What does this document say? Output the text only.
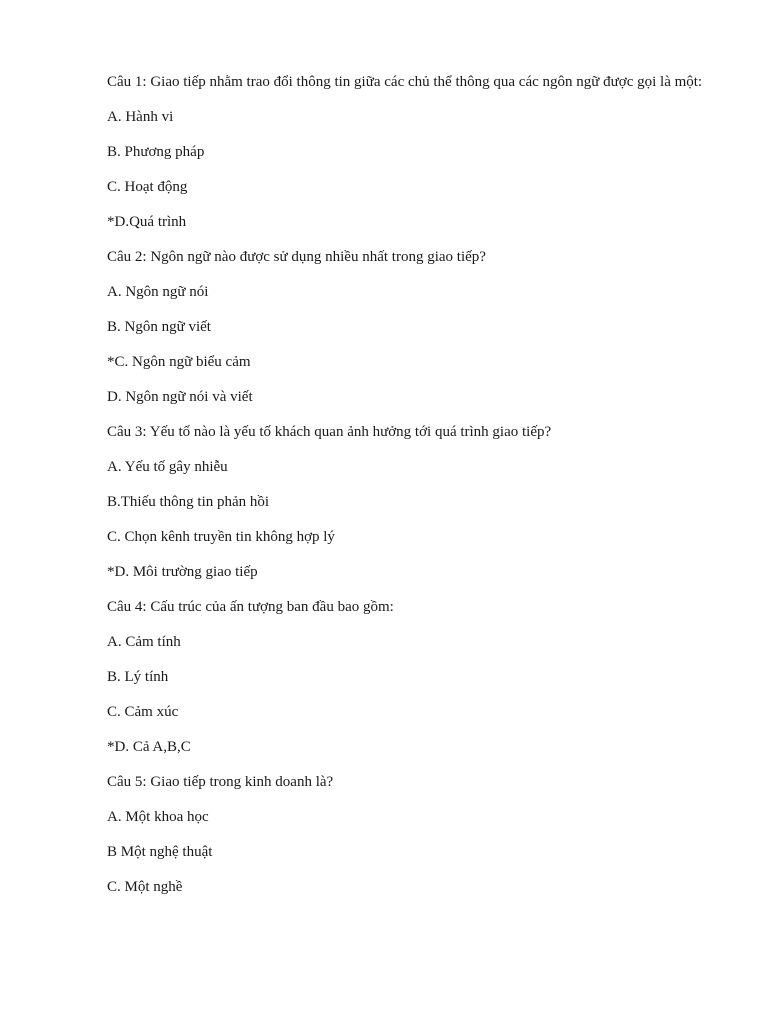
Câu 1: Giao tiếp nhằm trao đổi thông tin giữa các chủ thể thông qua các ngôn ngữ được gọi là một:

A. Hành vi

B. Phương pháp

C. Hoạt động

*D.Quá trình

Câu 2: Ngôn ngữ nào được sử dụng nhiều nhất trong giao tiếp?

A. Ngôn ngữ nói

B. Ngôn ngữ viết

*C. Ngôn ngữ biểu cảm

D. Ngôn ngữ nói và viết

Câu 3: Yếu tố nào là yếu tố khách quan ảnh hưởng tới quá trình giao tiếp?

A. Yếu tố gây nhiễu

B.Thiếu thông tin phản hồi

C. Chọn kênh truyền tin không hợp lý

*D. Môi trường giao tiếp

Câu 4: Cấu trúc của ấn tượng ban đầu bao gồm:

A. Cảm tính

B. Lý tính

C. Cảm xúc

*D. Cả A,B,C

Câu 5: Giao tiếp trong kinh doanh là?

A. Một khoa học

B Một nghệ thuật

C. Một nghề
